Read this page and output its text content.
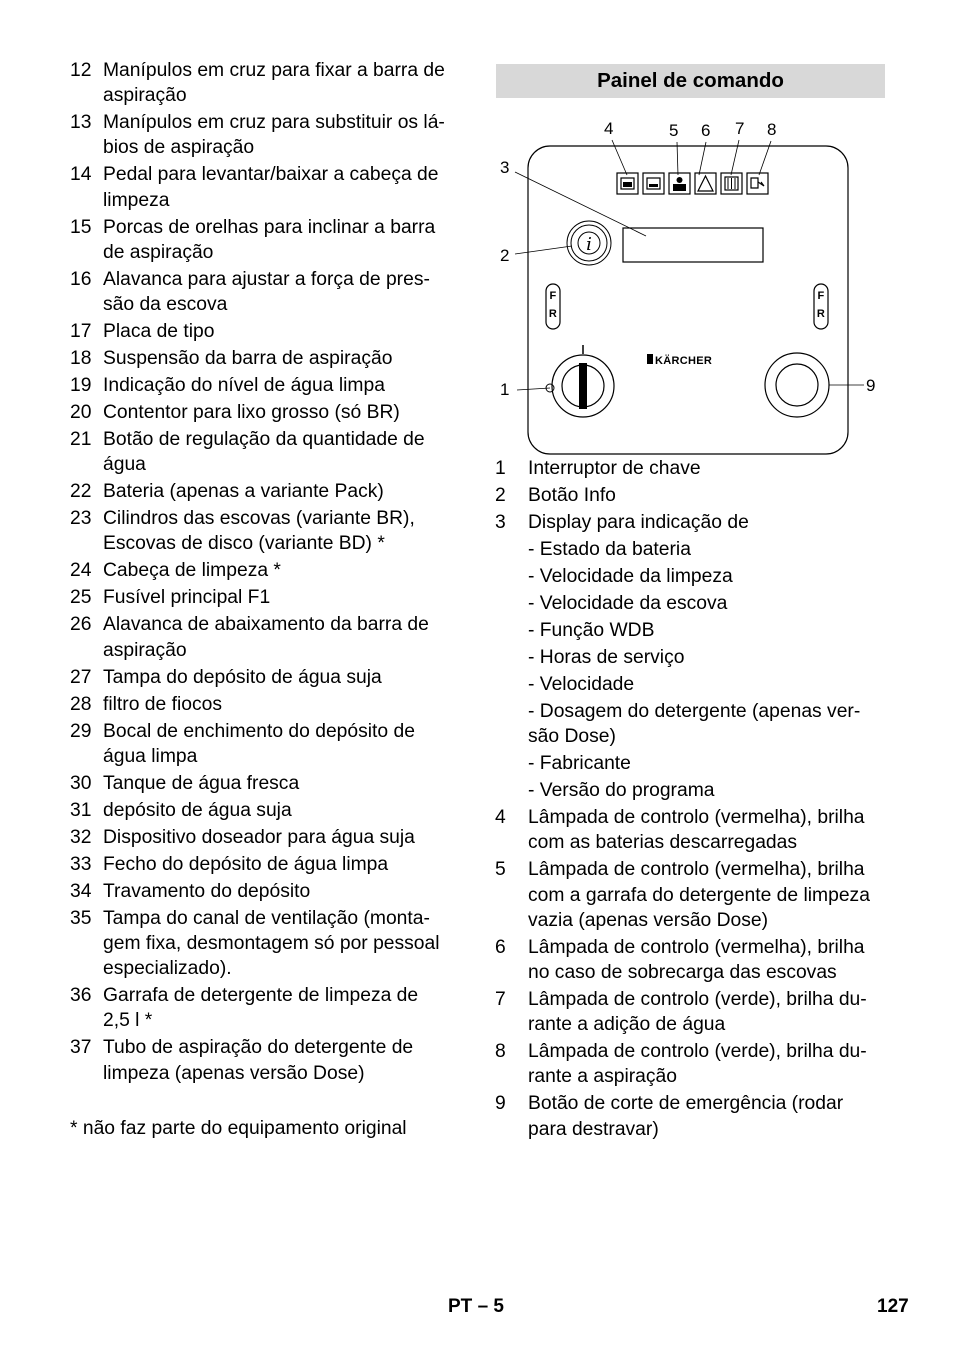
12 Manípulos em cruz para fixar a barra de
aspiração
13 Manípulos em cruz para substituir os lá-
bios de aspiração
14 Pedal para levantar/baixar a cabeça de
limpeza
15 Porcas de orelhas para inclinar a barra
de aspiração
16 Alavanca para ajustar a força de pres-
são da escova
17 Placa de tipo
18 Suspensão da barra de aspiração
19 Indicação do nível de água limpa
20 Contentor para lixo grosso (só BR)
21 Botão de regulação da quantidade de
água
22 Bateria (apenas a variante Pack)
23 Cilindros das escovas (variante BR),
Escovas de disco (variante BD) *
24 Cabeça de limpeza *
25 Fusível principal F1
26 Alavanca de abaixamento da barra de
aspiração
27 Tampa do depósito de água suja
28 filtro de fiocos
29 Bocal de enchimento do depósito de
água limpa
30 Tanque de água fresca
31 depósito de água suja
32 Dispositivo doseador para água suja
33 Fecho do depósito de água limpa
34 Travamento do depósito
35 Tampa do canal de ventilação (monta-
gem fixa, desmontagem só por pessoal
especializado).
36 Garrafa de detergente de limpeza de
2,5 l *
37 Tubo de aspiração do detergente de
limpeza (apenas versão Dose)
* não faz parte do equipamento original
Painel de comando
i
F
R
F
R
KÄRCHER
1
2
3
4	5 6 7 8
9
1	Interruptor de chave
2	Botão Info
3	Display para indicação de
- Estado da bateria
- Velocidade da limpeza
- Velocidade da escova
- Função WDB
- Horas de serviço
- Velocidade
- Dosagem do detergente (apenas ver-
são Dose)
- Fabricante
- Versão do programa
4	Lâmpada de controlo (vermelha), brilha
com as baterias descarregadas
5	Lâmpada de controlo (vermelha), brilha
com a garrafa do detergente de limpeza
vazia (apenas versão Dose)
6	Lâmpada de controlo (vermelha), brilha
no caso de sobrecarga das escovas
7	Lâmpada de controlo (verde), brilha du-
rante a adição de água
8	Lâmpada de controlo (verde), brilha du-
rante a aspiração
9	Botão de corte de emergência (rodar
para destravar)
PT – 5	127
